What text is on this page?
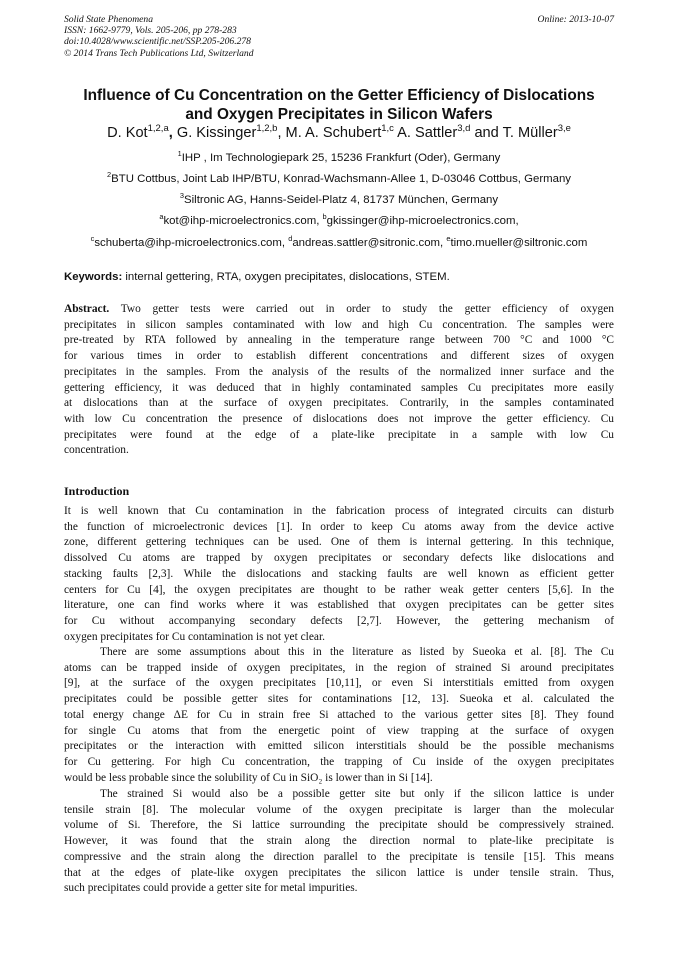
Solid State Phenomena
ISSN: 1662-9779, Vols. 205-206, pp 278-283
doi:10.4028/www.scientific.net/SSP.205-206.278
© 2014 Trans Tech Publications Ltd, Switzerland
Online: 2013-10-07
Influence of Cu Concentration on the Getter Efficiency of Dislocations
and Oxygen Precipitates in Silicon Wafers
D. Kot$^{1,2,a}$, G. Kissinger$^{1,2,b}$, M. A. Schubert$^{1,c}$ A. Sattler$^{3,d}$ and T. Müller$^{3,e}$
$^1$IHP , Im Technologiepark 25, 15236 Frankfurt (Oder), Germany
$^2$BTU Cottbus, Joint Lab IHP/BTU, Konrad-Wachsmann-Allee 1, D-03046 Cottbus, Germany
$^3$Siltronic AG, Hanns-Seidel-Platz 4, 81737 München, Germany
$^a$kot@ihp-microelectronics.com, $^b$gkissinger@ihp-microelectronics.com,
$^c$schuberta@ihp-microelectronics.com, $^d$andreas.sattler@sitronic.com, $^e$timo.mueller@siltronic.com
Keywords: internal gettering, RTA, oxygen precipitates, dislocations, STEM.
Abstract. Two getter tests were carried out in order to study the getter efficiency of oxygen
precipitates in silicon samples contaminated with low and high Cu concentration. The samples were
pre-treated by RTA followed by annealing in the temperature range between 700 °C and 1000 °C
for various times in order to establish different concentrations and different sizes of oxygen
precipitates in the samples. From the analysis of the results of the normalized inner surface and the
gettering efficiency, it was deduced that in highly contaminated samples Cu precipitates more easily
at dislocations than at the surface of oxygen precipitates. Contrarily, in the samples contaminated
with low Cu concentration the presence of dislocations does not improve the getter efficiency. Cu
precipitates were found at the edge of a plate-like precipitate in a sample with low Cu
concentration.
Introduction
It is well known that Cu contamination in the fabrication process of integrated circuits can disturb
the function of microelectronic devices [1]. In order to keep Cu atoms away from the device active
zone, different gettering techniques can be used. One of them is internal gettering. In this technique,
dissolved Cu atoms are trapped by oxygen precipitates or secondary defects like dislocations and
stacking faults [2,3]. While the dislocations and stacking faults are well known as efficient getter
centers for Cu [4], the oxygen precipitates are thought to be rather weak getter centers [5,6]. In the
literature, one can find works where it was established that oxygen precipitates can be getter sites
for Cu without accompanying secondary defects [2,7]. However, the gettering mechanism of
oxygen precipitates for Cu contamination is not yet clear.
There are some assumptions about this in the literature as listed by Sueoka et al. [8]. The Cu
atoms can be trapped inside of oxygen precipitates, in the region of strained Si around precipitates
[9], at the surface of the oxygen precipitates [10,11], or even Si interstitials emitted from oxygen
precipitates could be possible getter sites for contaminations [12, 13]. Sueoka et al. calculated the
total energy change ΔE for Cu in strain free Si attached to the various getter sites [8]. They found
for single Cu atoms that from the energetic point of view trapping at the surface of oxygen
precipitates or the interaction with emitted silicon interstitials should be the possible mechanisms
for Cu gettering. For high Cu concentration, the trapping of Cu inside of the oxygen precipitates
would be less probable since the solubility of Cu in SiO₂ is lower than in Si [14].
The strained Si would also be a possible getter site but only if the silicon lattice is under
tensile strain [8]. The molecular volume of the oxygen precipitate is larger than the molecular
volume of Si. Therefore, the Si lattice surrounding the precipitate should be compressively strained.
However, it was found that the strain along the direction normal to plate-like precipitate is
compressive and the strain along the direction parallel to the precipitate is tensile [15]. This means
that at the edges of plate-like oxygen precipitates the silicon lattice is under tensile strain. Thus,
such precipitates could provide a getter site for metal impurities.
